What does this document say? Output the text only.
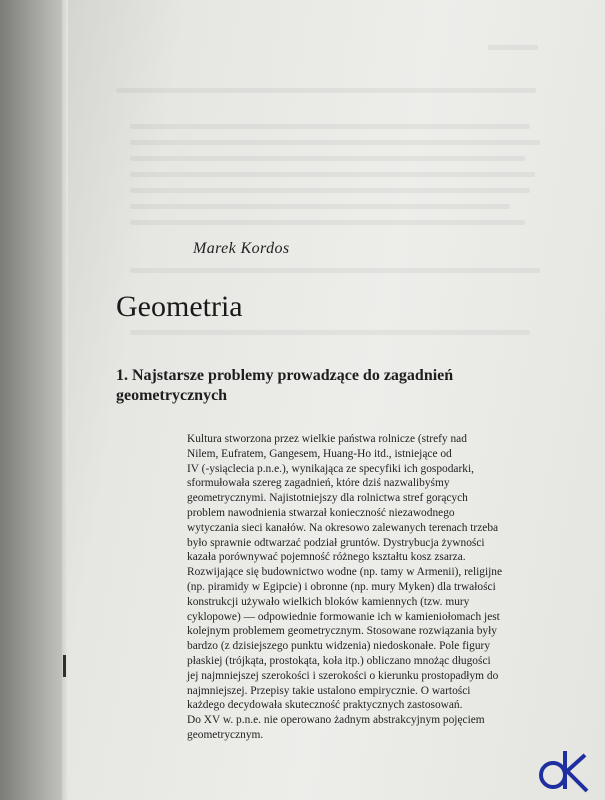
Marek Kordos

Geometria
1. Najstarsze problemy prowadzące do zagadnień geometrycznych

Kultura stworzona przez wielkie państwa rolnicze (strefy nad
Nilem, Eufratem, Gangesem, Huang-Ho itd., istniejące od
IV (-ysiąclecia p.n.e.), wynikająca ze specyfiki ich gospodarki,
sformułowała szereg zagadnień, które dziś nazwalibyśmy
geometrycznymi. Najistotniejszy dla rolnictwa stref gorących
problem nawodnienia stwarzał konieczność niezawodnego
wytyczania sieci kanałów. Na okresowo zalewanych terenach trzeba
było sprawnie odtwarzać podział gruntów. Dystrybucja żywności
kazała porównywać pojemność różnego kształtu kosz zsarza.
Rozwijające się budownictwo wodne (np. tamy w Armenii), religijne
(np. piramidy w Egipcie) i obronne (np. mury Myken) dla trwałości
konstrukcji używało wielkich bloków kamiennych (tzw. mury
cyklopowe) — odpowiednie formowanie ich w kamieniołomach jest
kolejnym problemem geometrycznym. Stosowane rozwiązania były
bardzo (z dzisiejszego punktu widzenia) niedoskonałe. Pole figury
płaskiej (trójkąta, prostokąta, koła itp.) obliczano mnożąc długości
jej najmniejszej szerokości i szerokości o kierunku prostopadłym do
najmniejszej. Przepisy takie ustalono empirycznie. O wartości
każdego decydowała skuteczność praktycznych zastosowań.
Do XV w. p.n.e. nie operowano żadnym abstrakcyjnym pojęciem
geometrycznym.
